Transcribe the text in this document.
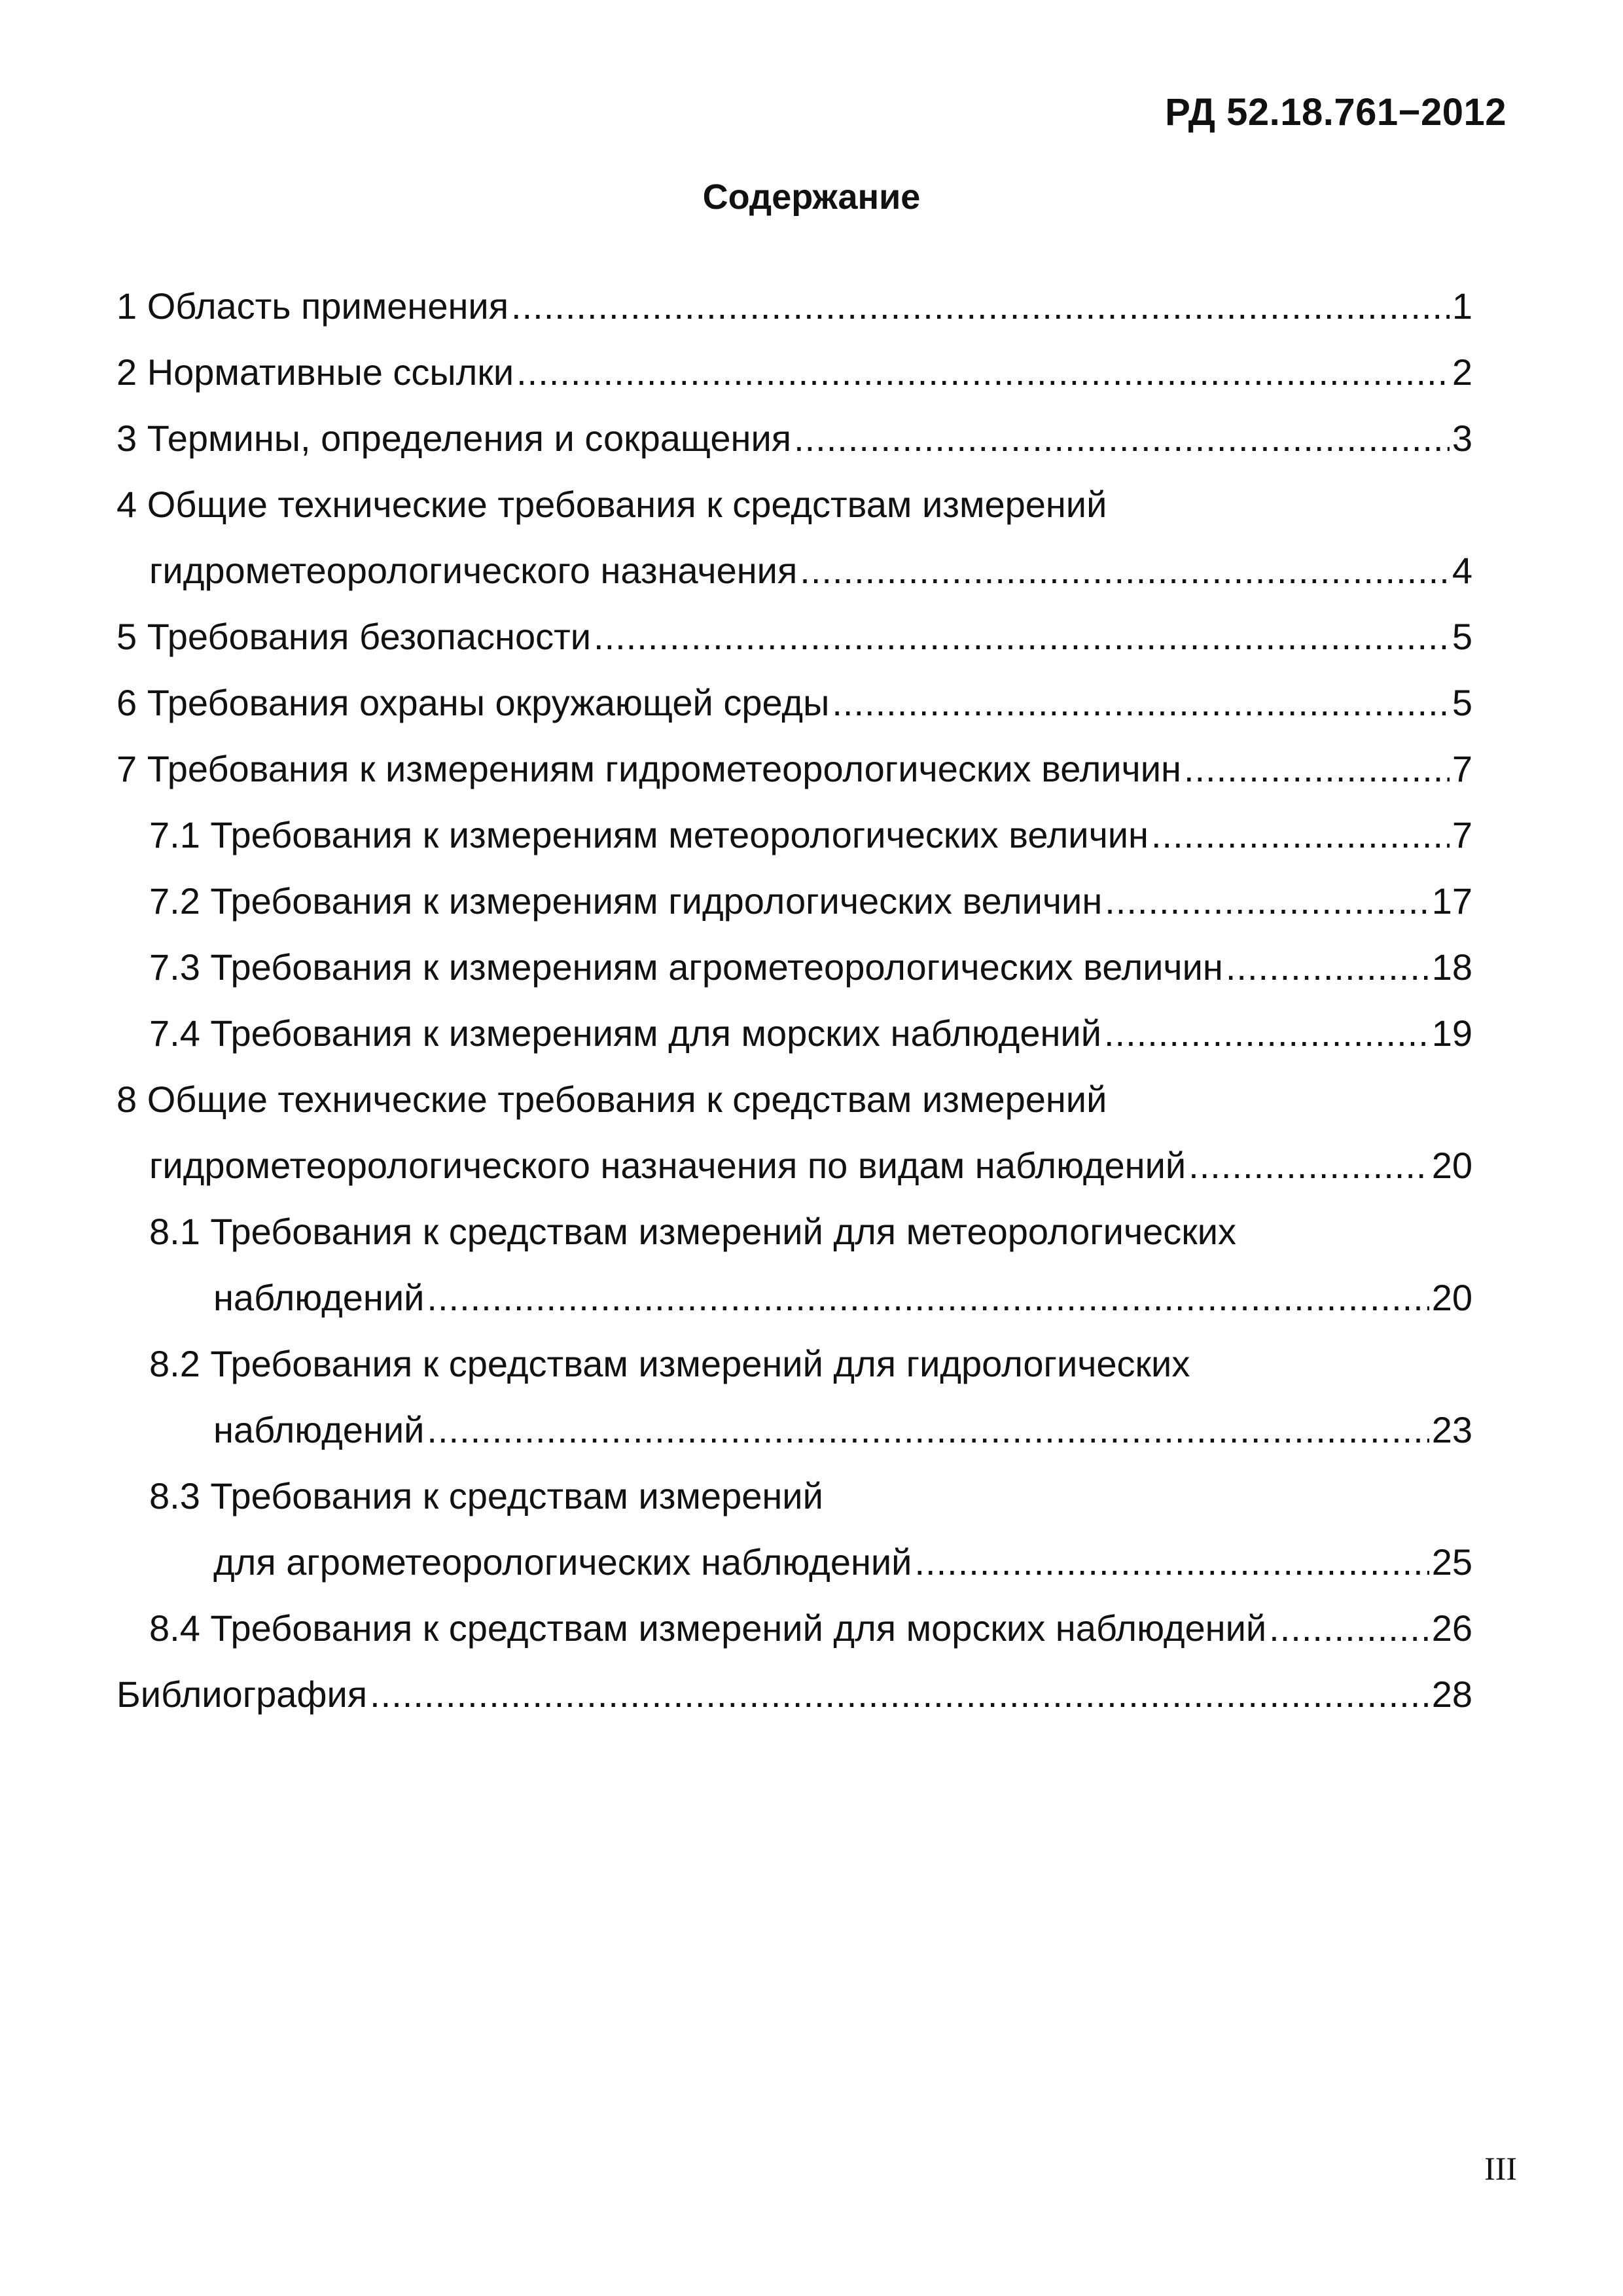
РД 52.18.761−2012
Содержание
1 Область применения .....	1
2 Нормативные ссылки .....	2
3 Термины, определения и сокращения .....	3
4 Общие технические требования к средствам измерений
гидрометеорологического назначения .....	4
5 Требования безопасности .....	5
6 Требования охраны окружающей среды .....	5
7 Требования к измерениям гидрометеорологических величин .....	7
7.1 Требования к измерениям метеорологических величин .....	7
7.2 Требования к измерениям гидрологических величин .....	17
7.3 Требования к измерениям агрометеорологических величин .....	18
7.4 Требования к измерениям для морских наблюдений .....	19
8 Общие технические требования к средствам измерений
гидрометеорологического назначения по видам наблюдений .....	20
8.1 Требования к средствам измерений для метеорологических
наблюдений .....	20
8.2 Требования к средствам измерений для гидрологических
наблюдений .....	23
8.3 Требования к средствам измерений
для агрометеорологических наблюдений .....	25
8.4 Требования к средствам измерений для морских наблюдений .....	26
Библиография .....	28
III
